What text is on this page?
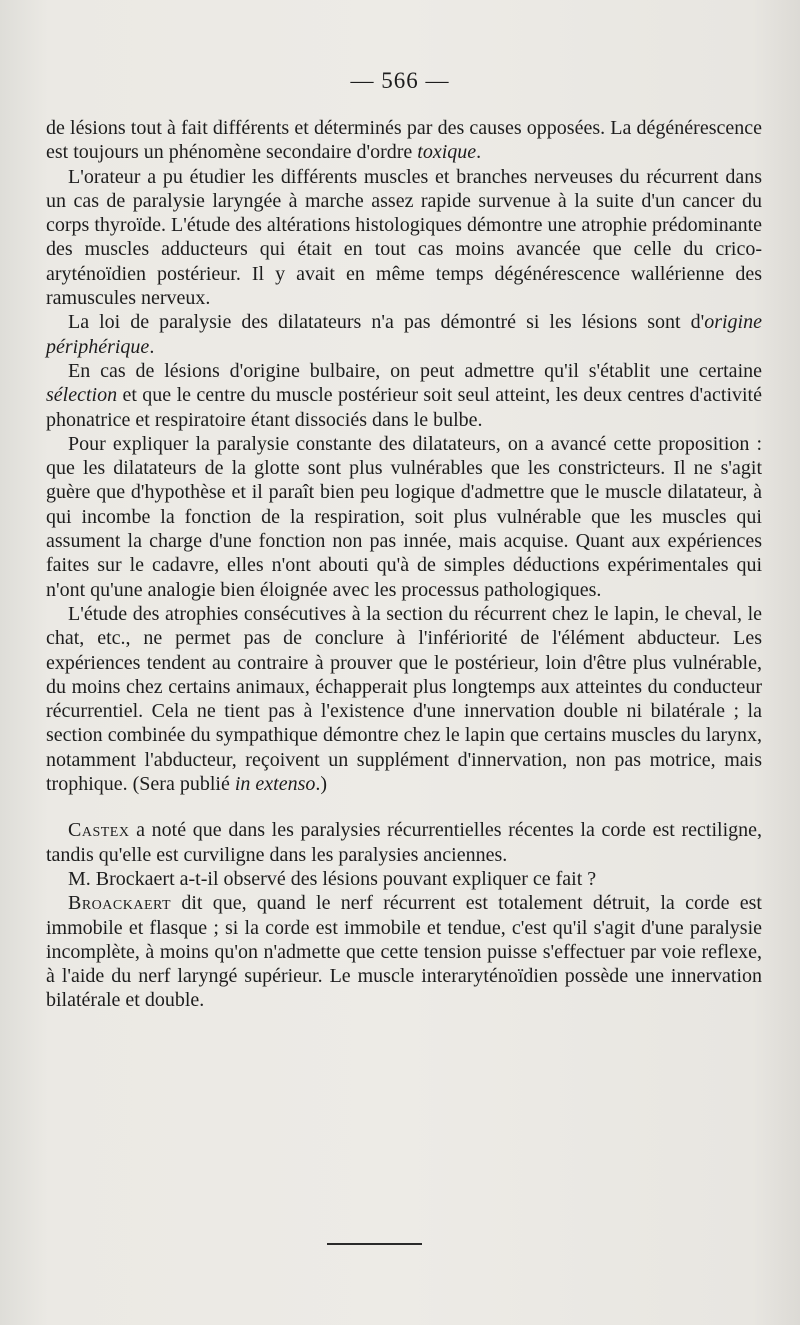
— 566 —

de lésions tout à fait différents et déterminés par des causes opposées. La dégénérescence est toujours un phénomène secondaire d'ordre toxique.

L'orateur a pu étudier les différents muscles et branches nerveuses du récurrent dans un cas de paralysie laryngée à marche assez rapide survenue à la suite d'un cancer du corps thyroïde. L'étude des altérations histologiques démontre une atrophie prédominante des muscles adducteurs qui était en tout cas moins avancée que celle du crico-aryténoïdien postérieur. Il y avait en même temps dégénérescence wallérienne des ramuscules nerveux.

La loi de paralysie des dilatateurs n'a pas démontré si les lésions sont d'origine périphérique.

En cas de lésions d'origine bulbaire, on peut admettre qu'il s'établit une certaine sélection et que le centre du muscle postérieur soit seul atteint, les deux centres d'activité phonatrice et respiratoire étant dissociés dans le bulbe.

Pour expliquer la paralysie constante des dilatateurs, on a avancé cette proposition : que les dilatateurs de la glotte sont plus vulnérables que les constricteurs. Il ne s'agit guère que d'hypothèse et il paraît bien peu logique d'admettre que le muscle dilatateur, à qui incombe la fonction de la respiration, soit plus vulnérable que les muscles qui assument la charge d'une fonction non pas innée, mais acquise. Quant aux expériences faites sur le cadavre, elles n'ont abouti qu'à de simples déductions expérimentales qui n'ont qu'une analogie bien éloignée avec les processus pathologiques.

L'étude des atrophies consécutives à la section du récurrent chez le lapin, le cheval, le chat, etc., ne permet pas de conclure à l'infériorité de l'élément abducteur. Les expériences tendent au contraire à prouver que le postérieur, loin d'être plus vulnérable, du moins chez certains animaux, échapperait plus longtemps aux atteintes du conducteur récurrentiel. Cela ne tient pas à l'existence d'une innervation double ni bilatérale ; la section combinée du sympathique démontre chez le lapin que certains muscles du larynx, notamment l'abducteur, reçoivent un supplément d'innervation, non pas motrice, mais trophique. (Sera publié in extenso.)

Castex a noté que dans les paralysies récurrentielles récentes la corde est rectiligne, tandis qu'elle est curviligne dans les paralysies anciennes.

M. Brockaert a-t-il observé des lésions pouvant expliquer ce fait ?

Broackaert dit que, quand le nerf récurrent est totalement détruit, la corde est immobile et flasque ; si la corde est immobile et tendue, c'est qu'il s'agit d'une paralysie incomplète, à moins qu'on n'admette que cette tension puisse s'effectuer par voie reflexe, à l'aide du nerf laryngé supérieur. Le muscle interaryténoïdien possède une innervation bilatérale et double.
